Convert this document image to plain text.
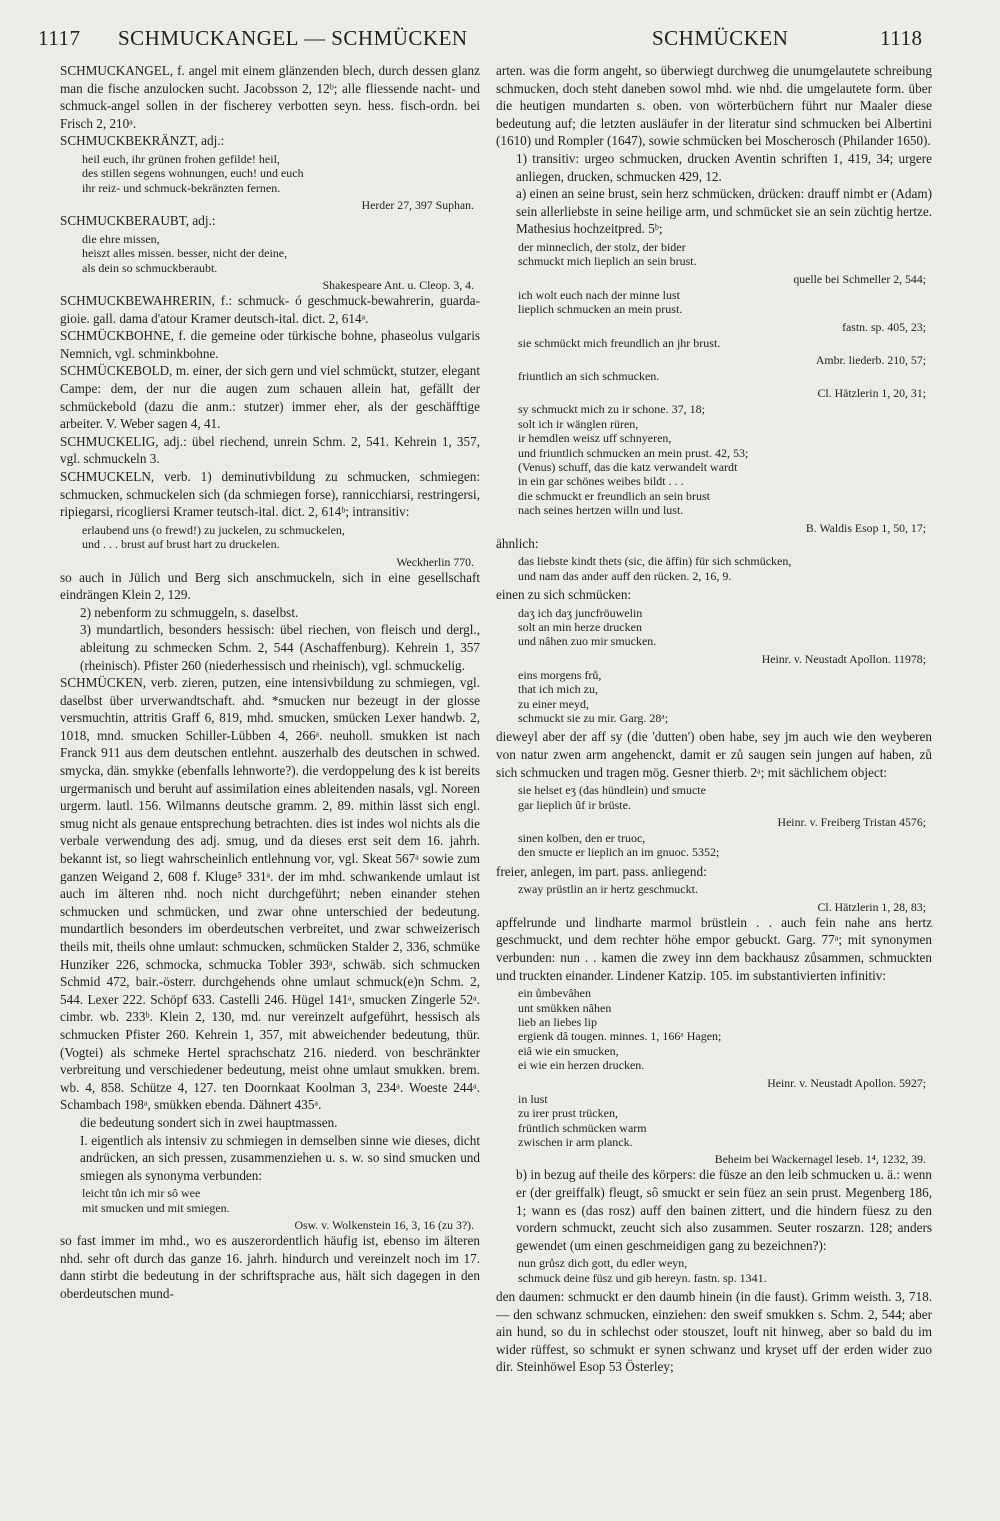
1117 SCHMUCKANGEL — SCHMÜCKEN	SCHMÜCKEN	1118

SCHMUCKANGEL, f. angel mit einem glänzenden blech, durch dessen glanz man die fische anzulocken sucht. Jacobsson 2, 12ᵇ; alle fliessende nacht- und schmuck-angel sollen in der fischerey verbotten seyn. hess. fisch-ordn. bei Frisch 2, 210ᵃ.

SCHMUCKBEKRÄNZT, adj.:

heil euch, ihr grünen frohen gefilde! heil,
des stillen segens wohnungen, euch! und euch
ihr reiz- und schmuck-bekränzten fernen.
Herder 27, 397 Suphan.

SCHMUCKBERAUBT, adj.:

die ehre missen,
heiszt alles missen. besser, nicht der deine,
als dein so schmuckberaubt.
Shakespeare Ant. u. Cleop. 3, 4.

SCHMUCKBEWAHRERIN, f.: schmuck- ó geschmuck-bewahrerin, guarda-gioie. gall. dama d'atour Kramer deutsch-ital. dict. 2, 614ᵃ.

SCHMÜCKBOHNE, f. die gemeine oder türkische bohne, phaseolus vulgaris Nemnich, vgl. schminkbohne.

SCHMÜCKEBOLD, m. einer, der sich gern und viel schmückt, stutzer, elegant Campe: dem, der nur die augen zum schauen allein hat, gefällt der schmückebold (dazu die anm.: stutzer) immer eher, als der geschäfftige arbeiter. V. Weber sagen 4, 41.

SCHMUCKELIG, adj.: übel riechend, unrein Schm. 2, 541. Kehrein 1, 357, vgl. schmuckeln 3.

SCHMUCKELN, verb. 1) deminutivbildung zu schmucken, schmiegen: schmucken, schmuckelen sich (da schmiegen forse), rannicchiarsi, restringersi, ripiegarsi, ricogliersi Kramer teutsch-ital. dict. 2, 614ᵇ; intransitiv:

erlaubend uns (o frewd!) zu juckelen, zu schmuckelen,
und . . . brust auf brust hart zu druckelen.
Weckherlin 770.

so auch in Jülich und Berg sich anschmuckeln, sich in eine gesellschaft eindrängen Klein 2, 129.

2) nebenform zu schmuggeln, s. daselbst.

3) mundartlich, besonders hessisch: übel riechen, von fleisch und dergl., ableitung zu schmecken Schm. 2, 544 (Aschaffenburg). Kehrein 1, 357 (rheinisch). Pfister 260 (niederhessisch und rheinisch), vgl. schmuckelig.

SCHMÜCKEN, verb. zieren, putzen, eine intensivbildung zu schmiegen, vgl. daselbst über urverwandtschaft. ahd. *smucken nur bezeugt in der glosse versmuchtin, attritis Graff 6, 819, mhd. smucken, smücken Lexer handwb. 2, 1018, mnd. smucken Schiller-Lübben 4, 266ᵃ. neuholl. smukken ist nach Franck 911 aus dem deutschen entlehnt. auszerhalb des deutschen in schwed. smycka, dän. smykke (ebenfalls lehnworte?). die verdoppelung des k ist bereits urgermanisch und beruht auf assimilation eines ableitenden nasals, vgl. Noreen urgerm. lautl. 156. Wilmanns deutsche gramm. 2, 89. mithin lässt sich engl. smug nicht als genaue entsprechung betrachten. dies ist indes wol nichts als die verbale verwendung des adj. smug, und da dieses erst seit dem 16. jahrh. bekannt ist, so liegt wahrscheinlich entlehnung vor, vgl. Skeat 567ᵃ sowie zum ganzen Weigand 2, 608 f. Kluge⁵ 331ᵃ. der im mhd. schwankende umlaut ist auch im älteren nhd. noch nicht durchgeführt; neben einander stehen schmucken und schmücken, und zwar ohne unterschied der bedeutung. mundartlich besonders im oberdeutschen verbreitet, und zwar schweizerisch theils mit, theils ohne umlaut: schmucken, schmücken Stalder 2, 336, schmüke Hunziker 226, schmocka, schmucka Tobler 393ᵃ, schwäb. sich schmucken Schmid 472, bair.-österr. durchgehends ohne umlaut schmuck(e)n Schm. 2, 544. Lexer 222. Schöpf 633. Castelli 246. Hügel 141ᵃ, smucken Zingerle 52ᵃ. cimbr. wb. 233ᵇ. Klein 2, 130, md. nur vereinzelt aufgeführt, hessisch als schmucken Pfister 260. Kehrein 1, 357, mit abweichender bedeutung, thür. (Vogtei) als schmeke Hertel sprachschatz 216. niederd. von beschränkter verbreitung und verschiedener bedeutung, meist ohne umlaut smukken. brem. wb. 4, 858. Schütze 4, 127. ten Doornkaat Koolman 3, 234ᵃ. Woeste 244ᵃ. Schambach 198ᵃ, smükken ebenda. Dähnert 435ᵃ.

die bedeutung sondert sich in zwei hauptmassen.

I. eigentlich als intensiv zu schmiegen in demselben sinne wie dieses, dicht andrücken, an sich pressen, zusammenziehen u. s. w. so sind smucken und smiegen als synonyma verbunden:

leicht tůn ich mir sô wee
mit smucken und mit smiegen.
Osw. v. Wolkenstein 16, 3, 16 (zu 3?).

so fast immer im mhd., wo es auszerordentlich häufig ist, ebenso im älteren nhd. sehr oft durch das ganze 16. jahrh. hindurch und vereinzelt noch im 17. dann stirbt die bedeutung in der schriftsprache aus, hält sich dagegen in den oberdeutschen mund-

arten. was die form angeht, so überwiegt durchweg die unumgelautete schreibung schmucken, doch steht daneben sowol mhd. wie nhd. die umgelautete form. über die heutigen mundarten s. oben. von wörterbüchern führt nur Maaler diese bedeutung auf; die letzten ausläufer in der literatur sind schmucken bei Albertini (1610) und Rompler (1647), sowie schmücken bei Moscherosch (Philander 1650).

1) transitiv: urgeo schmucken, drucken Aventin schriften 1, 419, 34; urgere anliegen, drucken, schmucken 429, 12.

a) einen an seine brust, sein herz schmücken, drücken: drauff nimbt er (Adam) sein allerliebste in seine heilige arm, und schmücket sie an sein züchtig hertze. Mathesius hochzeitpred. 5ᵇ;

der minneclich, der stolz, der bider
schmuckt mich lieplich an sein brust.
quelle bei Schmeller 2, 544;
ich wolt euch nach der minne lust
lieplich schmucken an mein prust.
fastn. sp. 405, 23;
sie schmückt mich freundlich an jhr brust.
Ambr. liederb. 210, 57;
friuntlich an sich schmucken.
Cl. Hätzlerin 1, 20, 31;
sy schmuckt mich zu ir schone. 37, 18;
solt ich ir wänglen rüren,
ir hemdlen weisz uff schnyeren,
und friuntlich schmucken an mein prust. 42, 53;
(Venus) schuff, das die katz verwandelt wardt
in ein gar schönes weibes bildt . . .
die schmuckt er freundlich an sein brust
nach seines hertzen willn und lust.
B. Waldis Esop 1, 50, 17;

ähnlich:

das liebste kindt thets (sic, die äffin) für sich schmücken,
und nam das ander auff den rücken. 2, 16, 9.

einen zu sich schmücken:

daʒ ich daʒ juncfröuwelin
solt an min herze drucken
und nâhen zuo mir smucken.
Heinr. v. Neustadt Apollon. 11978;
eins morgens frů,
that ich mich zu,
zu einer meyd,
schmuckt sie zu mir. Garg. 28ᵃ;

dieweyl aber der aff sy (die 'dutten') oben habe, sey jm auch wie den weyberen von natur zwen arm angehenckt, damit er zů saugen sein jungen auf haben, zů sich schmucken und tragen mög. Gesner thierb. 2ᵃ; mit sächlichem object:

sie helset eʒ (das hündlein) und smucte
gar lieplich ûf ir brüste.
Heinr. v. Freiberg Tristan 4576;
sinen kolben, den er truoc,
den smucte er lieplich an im gnuoc. 5352;

freier, anlegen, im part. pass. anliegend:

zway prüstlin an ir hertz geschmuckt.
Cl. Hätzlerin 1, 28, 83;

apffelrunde und lindharte marmol brüstlein . . auch fein nahe ans hertz geschmuckt, und dem rechter höhe empor gebuckt. Garg. 77ᵃ; mit synonymen verbunden: nun . . kamen die zwey inn dem backhausz zůsammen, schmuckten und truckten einander. Lindener Katzip. 105. im substantivierten infinitiv:

ein ůmbevâhen
unt smükken nâhen
lieb an liebes lip
ergienk dâ tougen. minnes. 1, 166ᵃ Hagen;
eiâ wie ein smucken,
ei wie ein herzen drucken.
Heinr. v. Neustadt Apollon. 5927;
in lust
zu irer prust trücken,
früntlich schmücken warm
zwischen ir arm planck.
Beheim bei Wackernagel leseb. 1⁴, 1232, 39.

b) in bezug auf theile des körpers: die füsze an den leib schmucken u. ä.: wenn er (der greiffalk) fleugt, sô smuckt er sein füez an sein prust. Megenberg 186, 1; wann es (das rosz) auff den bainen zittert, und die hindern füesz zu den vordern schmuckt, zeucht sich also zusammen. Seuter roszarzn. 128; anders gewendet (um einen geschmeidigen gang zu bezeichnen?):

nun grůsz dich gott, du edler weyn,
schmuck deine füsz und gib hereyn. fastn. sp. 1341.

den daumen: schmuckt er den daumb hinein (in die faust). Grimm weisth. 3, 718. — den schwanz schmucken, einziehen: den sweif smukken s. Schm. 2, 544; aber ain hund, so du in schlechst oder stouszet, louft nit hinweg, aber so bald du im wider rüffest, so schmukt er synen schwanz und kryset uff der erden wider zuo dir. Steinhöwel Esop 53 Österley;
